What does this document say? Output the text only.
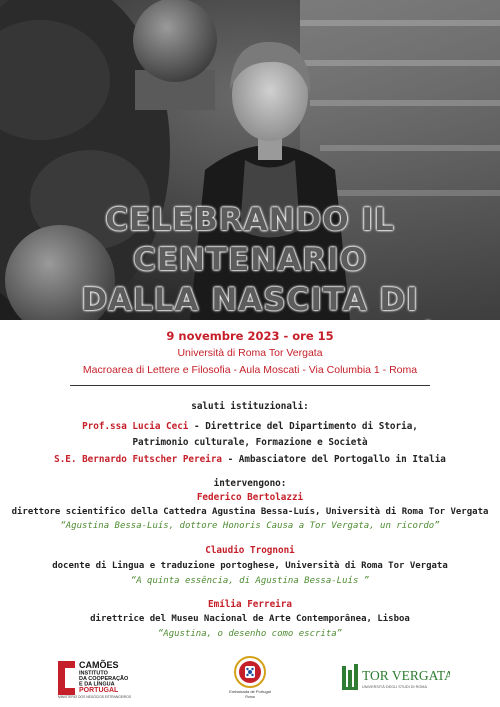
CELEBRANDO IL CENTENARIO
DALLA NASCITA DI

9 novembre 2023 - ore 15

Università di Roma Tor Vergata

Macroarea di Lettere e Filosofia - Aula Moscati - Via Columbia 1 - Roma

saluti istituzionali:

Prof.ssa Lucia Ceci - Direttrice del Dipartimento di Storia,

Patrimonio culturale, Formazione e Società

S.E. Bernardo Futscher Pereira - Ambasciatore del Portogallo in Italia

intervengono:

Federico Bertolazzi

direttore scientifico della Cattedra Agustina Bessa-Luís, Università di Roma Tor Vergata

“Agustina Bessa-Luís, dottore Honoris Causa a Tor Vergata, un ricordo”

Claudio Trognoni

docente di Lingua e traduzione portoghese, Università di Roma Tor Vergata

“A quinta essência, di Agustina Bessa-Luís ”

Emília Ferreira

direttrice del Museu Nacional de Arte Contemporânea, Lisboa

“Agustina, o desenho como escrita”

CAMÕES
INSTITUTO
DA COOPERAÇÃO
E DA LÍNGUA
PORTUGAL
MINISTÉRIO DOS NEGÓCIOS ESTRANGEIROS
Embaixada de Portugal
Roma
TOR VERGATA
UNIVERSITÀ DEGLI STUDI DI ROMA
